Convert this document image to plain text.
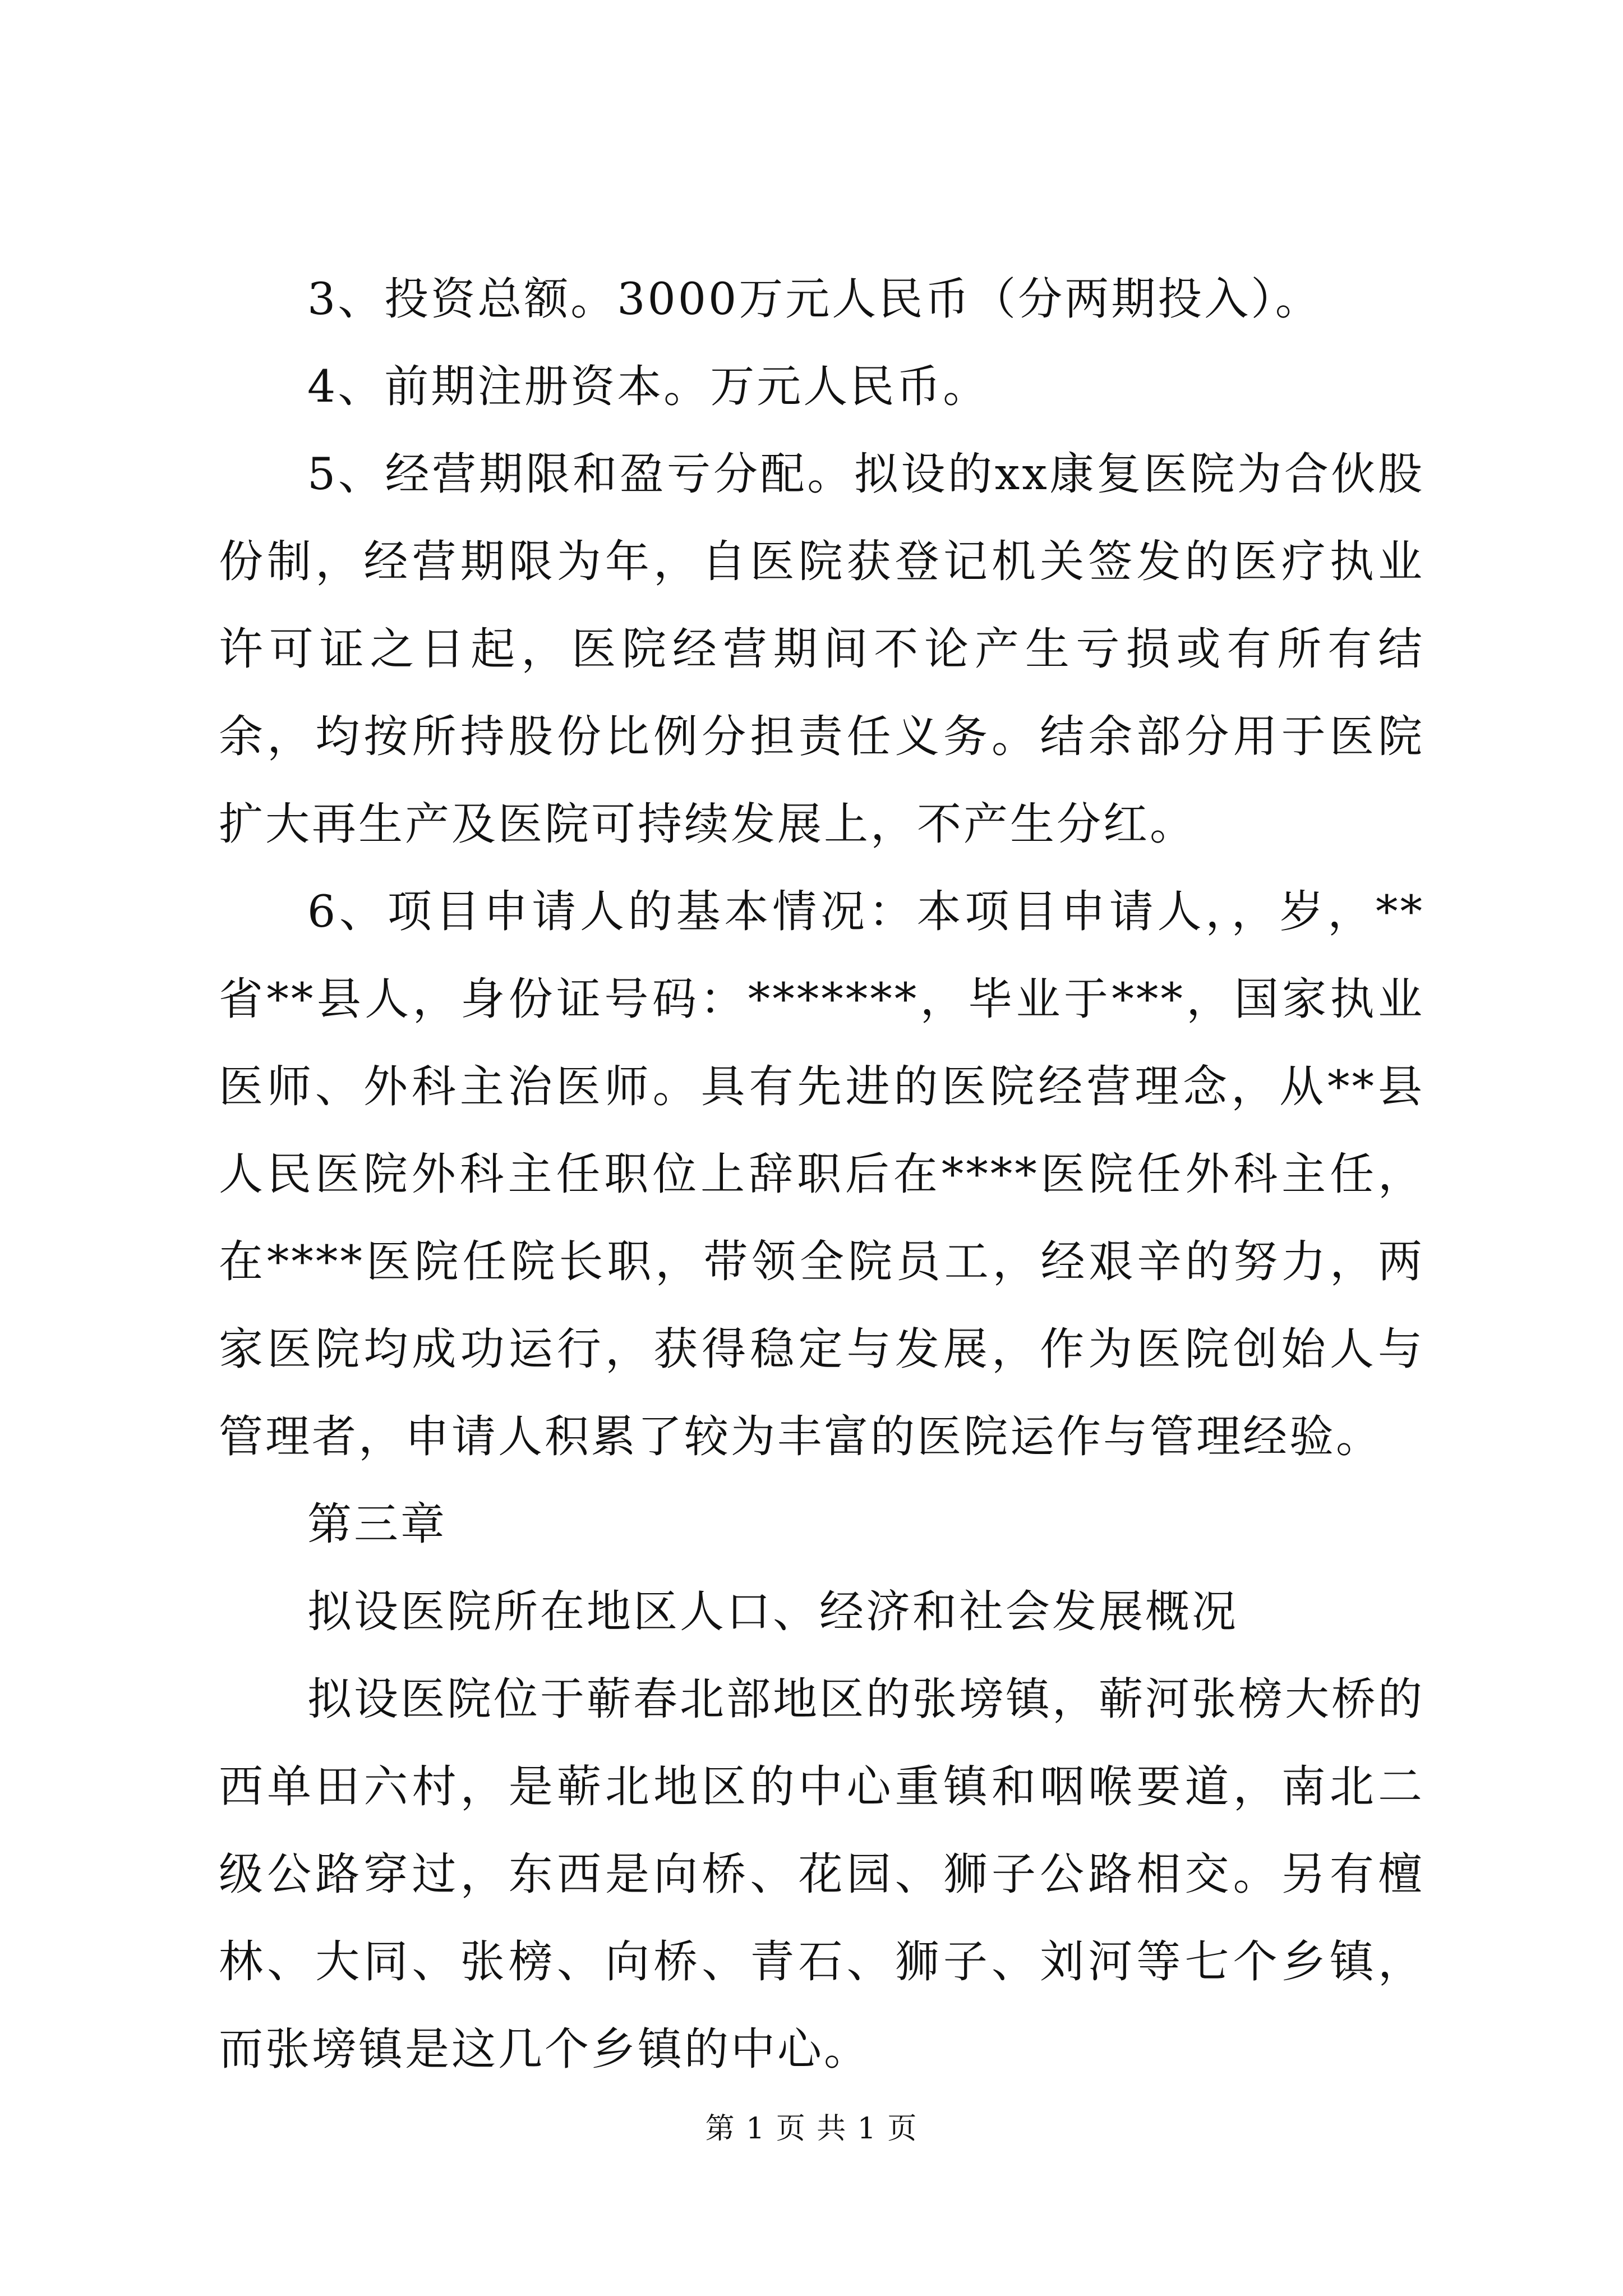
3、投资总额。3000万元人民币（分两期投入）。

4、前期注册资本。万元人民币。

5、经营期限和盈亏分配。拟设的xx康复医院为合伙股份制，经营期限为年，自医院获登记机关签发的医疗执业许可证之日起，医院经营期间不论产生亏损或有所有结余，均按所持股份比例分担责任义务。结余部分用于医院扩大再生产及医院可持续发展上，不产生分红。

6、项目申请人的基本情况：本项目申请人，，岁，**省**县人，身份证号码：*******，毕业于***，国家执业医师、外科主治医师。具有先进的医院经营理念，从**县人民医院外科主任职位上辞职后在****医院任外科主任，在****医院任院长职，带领全院员工，经艰辛的努力，两家医院均成功运行，获得稳定与发展，作为医院创始人与管理者，申请人积累了较为丰富的医院运作与管理经验。

第三章

拟设医院所在地区人口、经济和社会发展概况

拟设医院位于蕲春北部地区的张塝镇，蕲河张榜大桥的西单田六村，是蕲北地区的中心重镇和咽喉要道，南北二级公路穿过，东西是向桥、花园、狮子公路相交。另有檀林、大同、张榜、向桥、青石、狮子、刘河等七个乡镇，而张塝镇是这几个乡镇的中心。

第 1 页 共 1 页
